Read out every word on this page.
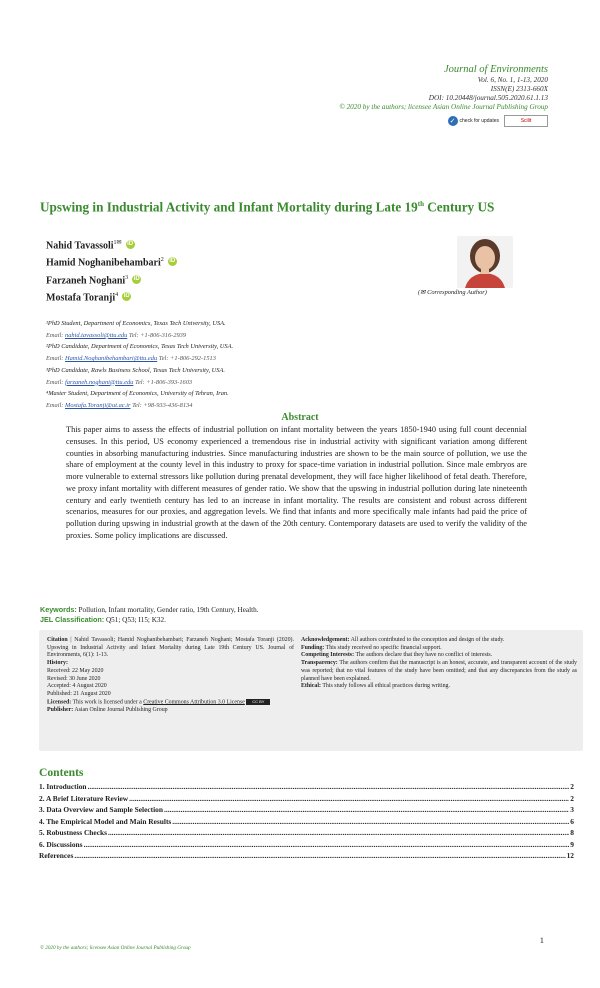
Journal of Environments
Vol. 6, No. 1, 1-13, 2020
ISSN(E) 2313-660X
DOI: 10.20448/journal.505.2020.61.1.13
© 2020 by the authors; licensee Asian Online Journal Publishing Group
✓ check for updates	Scilit
Upswing in Industrial Activity and Infant Mortality during Late 19th Century US
Nahid Tavassoli$^{1✉}$ iD
Hamid Noghanibehambari$^2$ iD
Farzaneh Noghani$^3$ iD
Mostafa Toranji$^4$ iD
(✉ Corresponding Author)
¹PhD Student, Department of Economics, Texas Tech University, USA.
Email: nahid.tavassoli@ttu.edu Tel: +1-806-316-2939
²PhD Candidate, Department of Economics, Texas Tech University, USA.
Email: Hamid.Noghanibehambari@ttu.edu Tel: +1-806-292-1513
³PhD Candidate, Rawls Business School, Texas Tech University, USA.
Email: farzaneh.noghani@ttu.edu Tel: +1-806-393-1603
⁴Master Student, Department of Economics, University of Tehran, Iran.
Email: Mostafa.Toranji@ut.ac.ir Tel: +98-933-436-8134
Abstract
This paper aims to assess the effects of industrial pollution on infant mortality between the years 1850-1940 using full count decennial censuses. In this period, US economy experienced a tremendous rise in industrial activity with significant variation among different counties in absorbing manufacturing industries. Since manufacturing industries are shown to be the main source of pollution, we use the share of employment at the county level in this industry to proxy for space-time variation in industrial pollution. Since male embryos are more vulnerable to external stressors like pollution during prenatal development, they will face higher likelihood of fetal death. Therefore, we proxy infant mortality with different measures of gender ratio. We show that the upswing in industrial pollution during late nineteenth century and early twentieth century has led to an increase in infant mortality. The results are consistent and robust across different scenarios, measures for our proxies, and aggregation levels. We find that infants and more specifically male infants had paid the price of pollution during upswing in industrial growth at the dawn of the 20th century. Contemporary datasets are used to verify the validity of the proxies. Some policy implications are discussed.
Keywords: Pollution, Infant mortality, Gender ratio, 19th Century, Health.
JEL Classification: Q51; Q53; I15; K32.
Citation | Nahid Tavassoli; Hamid Noghanibehambari; Farzaneh Noghani; Mostafa Toranji (2020). Upswing in Industrial Activity and Infant Mortality during Late 19th Century US. Journal of Environments, 6(1): 1-13.
History:
Received: 22 May 2020
Revised: 30 June 2020
Accepted: 4 August 2020
Published: 21 August 2020
Licensed: This work is licensed under a Creative Commons Attribution 3.0 License CC BY
Publisher: Asian Online Journal Publishing Group
Acknowledgement: All authors contributed to the conception and design of the study.
Funding: This study received no specific financial support.
Competing Interests: The authors declare that they have no conflict of interests.
Transparency: The authors confirm that the manuscript is an honest, accurate, and transparent account of the study was reported; that no vital features of the study have been omitted; and that any discrepancies from the study as planned have been explained.
Ethical: This study follows all ethical practices during writing.
Contents
1. Introduction .....	2
2. A Brief Literature Review .....	2
3. Data Overview and Sample Selection .....	3
4. The Empirical Model and Main Results .....	6
5. Robustness Checks .....	8
6. Discussions .....	9
References .....	12
1
© 2020 by the authors; licensee Asian Online Journal Publishing Group
